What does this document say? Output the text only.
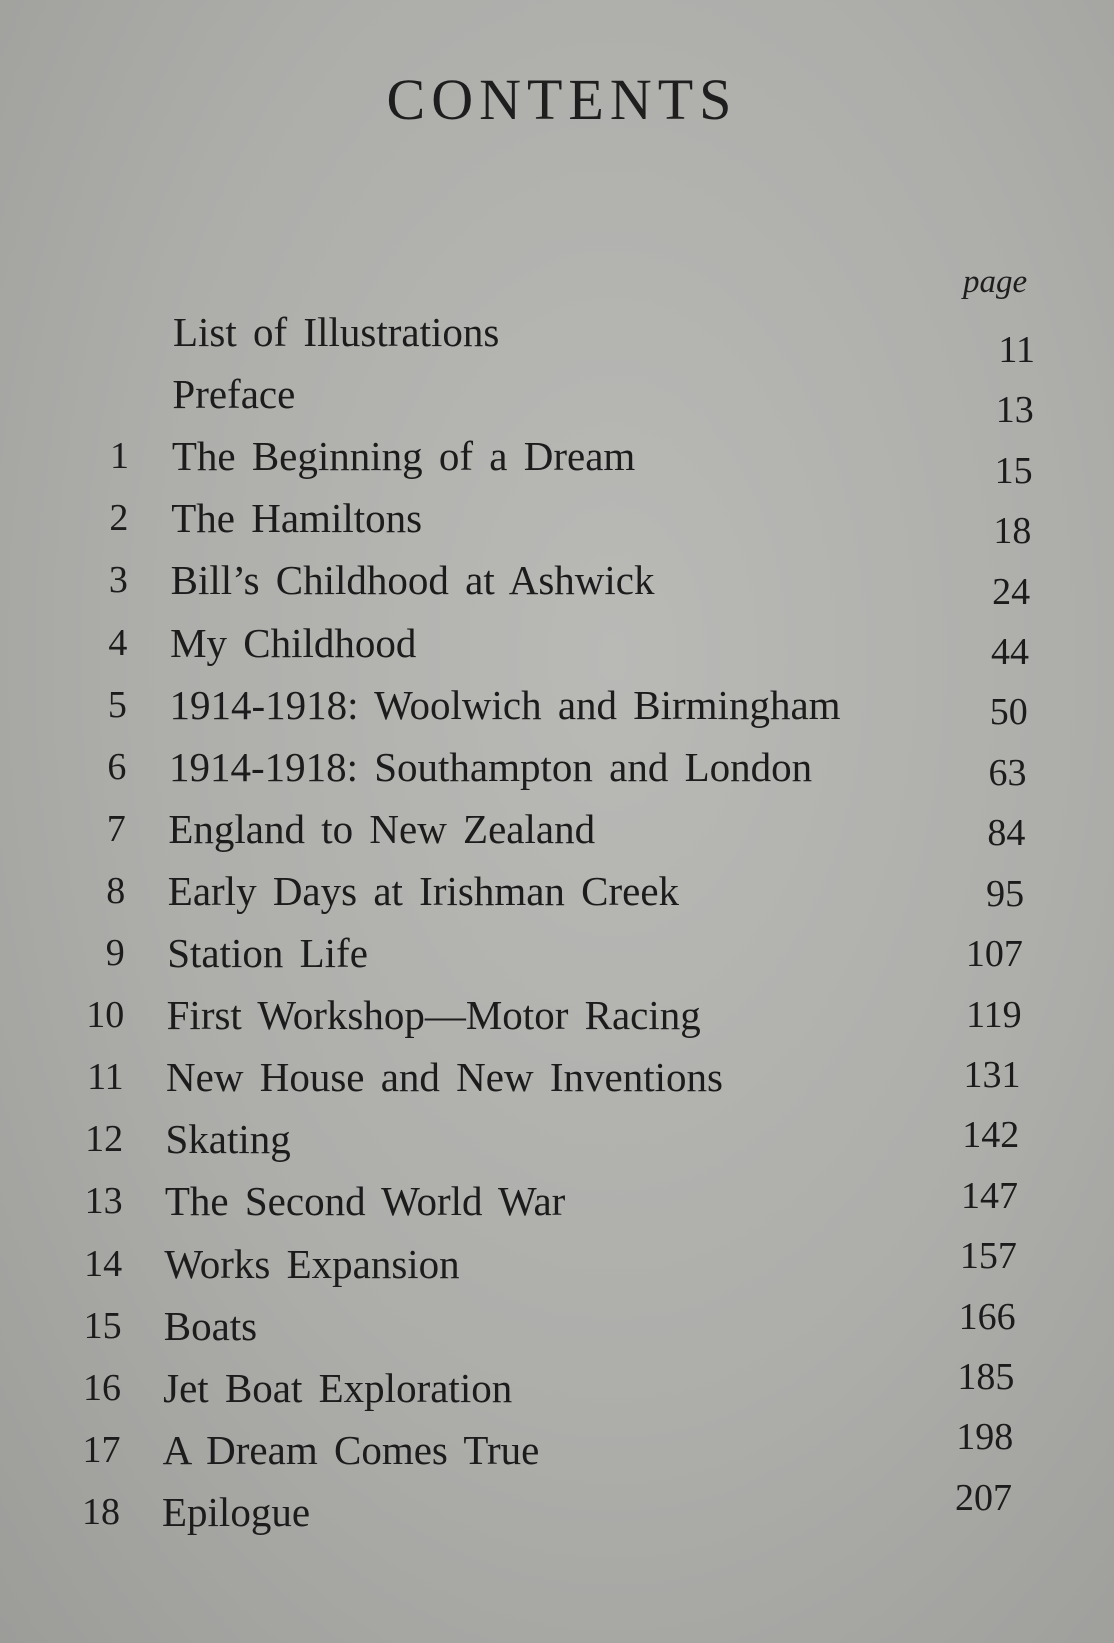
CONTENTS
page
List of Illustrations	11
Preface	13
1 The Beginning of a Dream	15
2 The Hamiltons	18
3 Bill’s Childhood at Ashwick	24
4 My Childhood	44
5 1914-1918: Woolwich and Birmingham	50
6 1914-1918: Southampton and London	63
7 England to New Zealand	84
8 Early Days at Irishman Creek	95
9 Station Life	107
10 First Workshop—Motor Racing	119
11 New House and New Inventions	131
12 Skating	142
13 The Second World War	147
14 Works Expansion	157
15 Boats	166
16 Jet Boat Exploration	185
17 A Dream Comes True	198
18 Epilogue	207
